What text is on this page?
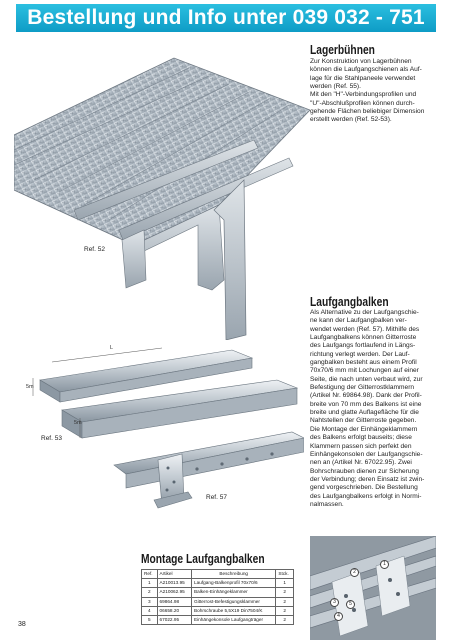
Bestellung und Info unter 039 032 - 751
Ref. 52
Lagerbühnen
Zur Konstruktion von Lagerbühnen
können die Laufgangschienen als Auf-
lage für die Stahlpaneele verwendet
werden (Ref. 55).
Mit den "H"-Verbindungsprofilen und
"U"-Abschlußprofilen können durch-
gehende Flächen beliebiger Dimension
erstellt werden (Ref. 52-53).
Laufgangbalken
Als Alternative zu der Laufgangschie-
ne kann der Laufgangbalken ver-
wendet werden (Ref. 57). Mithilfe des
Laufgangbalkens können Gitterroste
des Laufgangs fortlaufend in Längs-
richtung verlegt werden. Der Lauf-
gangbalken besteht aus einem Profil
70x70/6 mm mit Lochungen auf einer
Seite, die nach unten verbaut wird, zur
Befestigung der Gitterrostklammern
(Artikel Nr. 69864.98). Dank der Profil-
breite von 70 mm des Balkens ist eine
breite und glatte Auflagefläche für die
Nahtstellen der Gitterroste gegeben.
Die Montage der Einhängeklammern
des Balkens erfolgt bauseits; diese
Klammern passen sich perfekt den
Einhängekonsolen der Laufgangschie-
nen an (Artikel Nr. 67022.95). Zwei
Bohrschrauben dienen zur Sicherung
der Verbindung; deren Einsatz ist zwin-
gend vorgeschrieben. Die Bestellung
des Laufgangbalkens erfolgt in Normi-
nalmassen.
5m
5m
L
Ref. 53
Ref. 57
Montage Laufgangbalken
Ref.	Artikel	Beschreibung	Stck.
1	A210013.95	Laufgang-Balkenprofil 70x70/6	1
2	A210062.95	Balken-Einhängeklammer	2
3	69864.98	Gitterrost-Befestigungsklammer	2
4	06658.20	Bohrschraube 5,5X19 Din7504/K	2
5	67022.95	Einhängekonsole Laufgangträger	2
1
2
3
4
5
38
